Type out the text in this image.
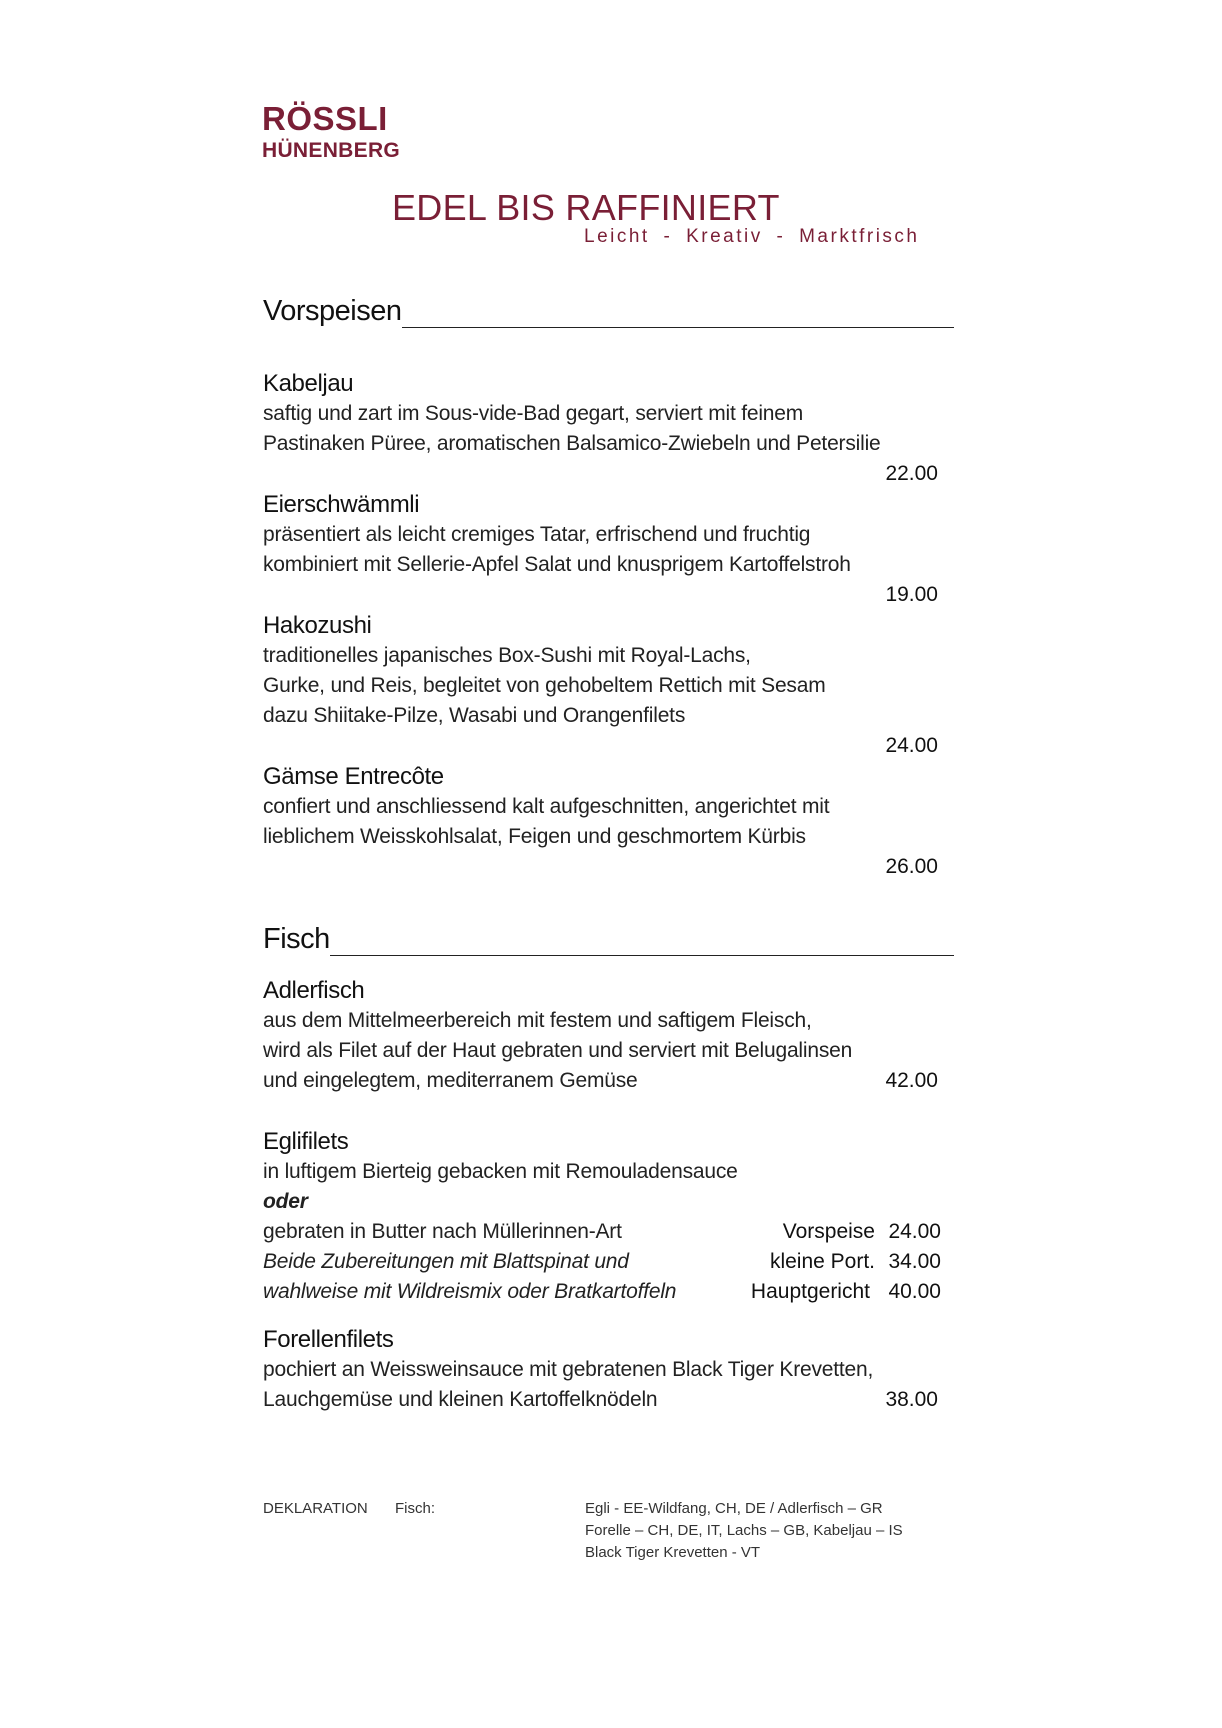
RÖSSLI
HÜNENBERG
EDEL BIS RAFFINIERT
Leicht - Kreativ - Marktfrisch
Vorspeisen
Kabeljau
saftig und zart im Sous-vide-Bad gegart, serviert mit feinem
Pastinaken Püree, aromatischen Balsamico-Zwiebeln und Petersilie
22.00
Eierschwämmli
präsentiert als leicht cremiges Tatar, erfrischend und fruchtig
kombiniert mit Sellerie-Apfel Salat und knusprigem Kartoffelstroh
19.00
Hakozushi
traditionelles japanisches Box-Sushi mit Royal-Lachs,
Gurke, und Reis, begleitet von gehobeltem Rettich mit Sesam
dazu Shiitake-Pilze, Wasabi und Orangenfilets
24.00
Gämse Entrecôte
confiert und anschliessend kalt aufgeschnitten, angerichtet mit
lieblichem Weisskohlsalat, Feigen und geschmortem Kürbis
26.00
Fisch
Adlerfisch
aus dem Mittelmeerbereich mit festem und saftigem Fleisch,
wird als Filet auf der Haut gebraten und serviert mit Belugalinsen
und eingelegtem, mediterranem Gemüse	42.00
Eglifilets
in luftigem Bierteig gebacken mit Remouladensauce
oder
gebraten in Butter nach Müllerinnen-Art
Beide Zubereitungen mit Blattspinat und
wahlweise mit Wildreismix oder Bratkartoffeln
Vorspeise 24.00
kleine Port. 34.00
Hauptgericht 40.00
Forellenfilets
pochiert an Weissweinsauce mit gebratenen Black Tiger Krevetten,
Lauchgemüse und kleinen Kartoffelknödeln	38.00
DEKLARATION Fisch:	Egli - EE-Wildfang, CH, DE / Adlerfisch – GR
Forelle – CH, DE, IT, Lachs – GB, Kabeljau – IS
Black Tiger Krevetten - VT
